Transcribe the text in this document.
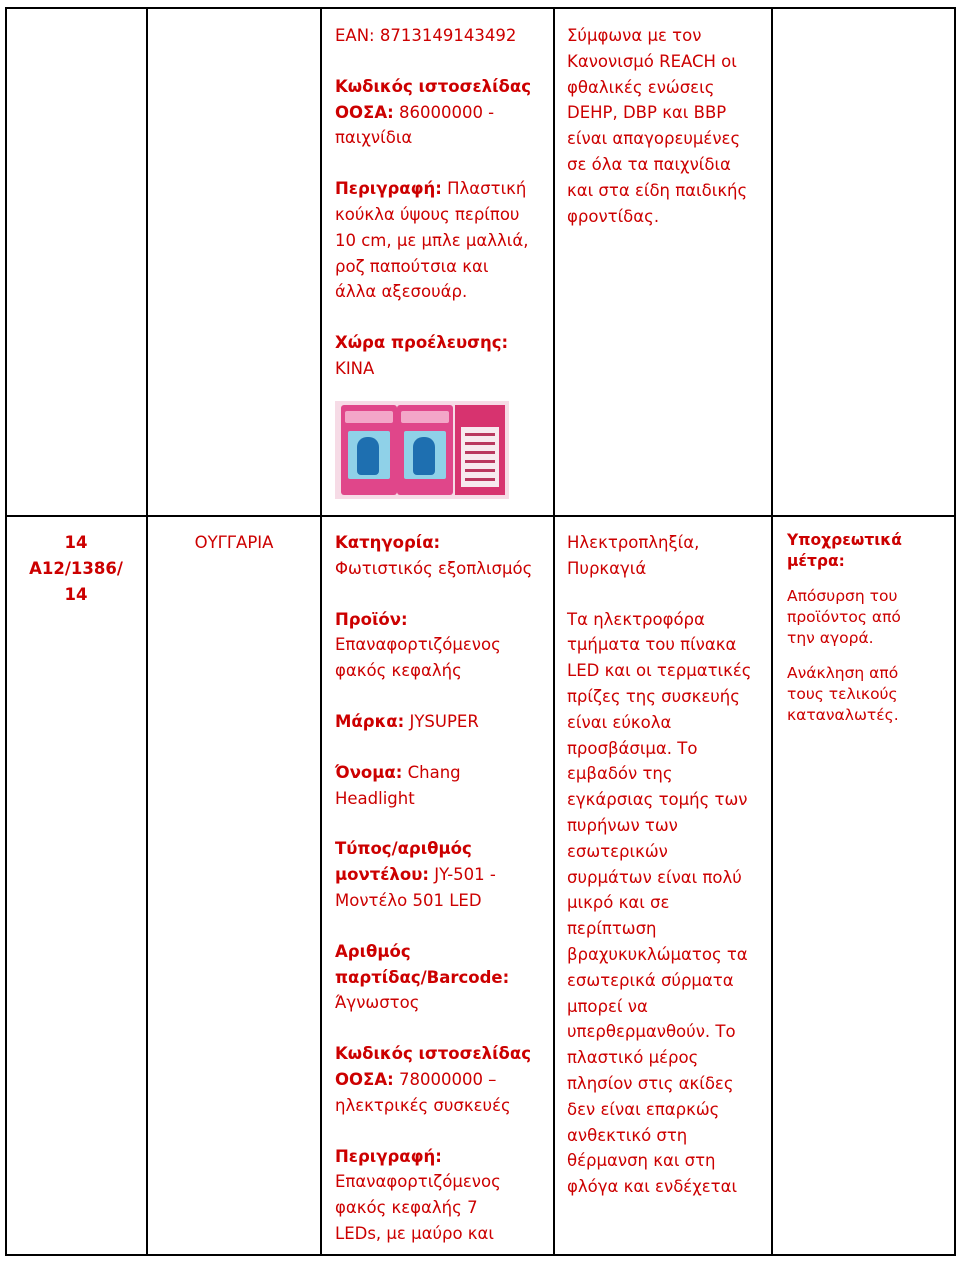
EAN: 8713149143492
Κωδικός ιστοσελίδας
ΟΟΣΑ: 86000000 -
παιχνίδια
Περιγραφή: Πλαστική
κούκλα ύψους περίπου
10 cm, με μπλε μαλλιά,
ροζ παπούτσια και
άλλα αξεσουάρ.
Χώρα προέλευσης:
ΚΙΝΑ
Σύμφωνα με τον
Κανονισμό REACH οι
φθαλικές ενώσεις
DEHP, DBP και BBP
είναι απαγορευμένες
σε όλα τα παιχνίδια
και στα είδη παιδικής
φροντίδας.
14
A12/1386/
14
ΟΥΓΓΑΡΙΑ	Κατηγορία:
Φωτιστικός εξοπλισμός
Προϊόν:
Επαναφορτιζόμενος
φακός κεφαλής
Μάρκα: JYSUPER
Όνομα: Chang
Headlight
Τύπος/αριθμός
μοντέλου: JY-501 -
Μοντέλο 501 LED
Αριθμός
παρτίδας/Barcode:
Άγνωστος
Κωδικός ιστοσελίδας
ΟΟΣΑ: 78000000 –
ηλεκτρικές συσκευές
Περιγραφή:
Επαναφορτιζόμενος
φακός κεφαλής 7
LEDs, με μαύρο και
Ηλεκτροπληξία,
Πυρκαγιά
Τα ηλεκτροφόρα
τμήματα του πίνακα
LED και οι τερματικές
πρίζες της συσκευής
είναι εύκολα
προσβάσιμα. Το
εμβαδόν της
εγκάρσιας τομής των
πυρήνων των
εσωτερικών
συρμάτων είναι πολύ
μικρό και σε
περίπτωση
βραχυκυκλώματος τα
εσωτερικά σύρματα
μπορεί να
υπερθερμανθούν. Το
πλαστικό μέρος
πλησίον στις ακίδες
δεν είναι επαρκώς
ανθεκτικό στη
θέρμανση και στη
φλόγα και ενδέχεται
Υποχρεωτικά
μέτρα:
Απόσυρση του
προϊόντος από
την αγορά.
Ανάκληση από
τους τελικούς
καταναλωτές.
